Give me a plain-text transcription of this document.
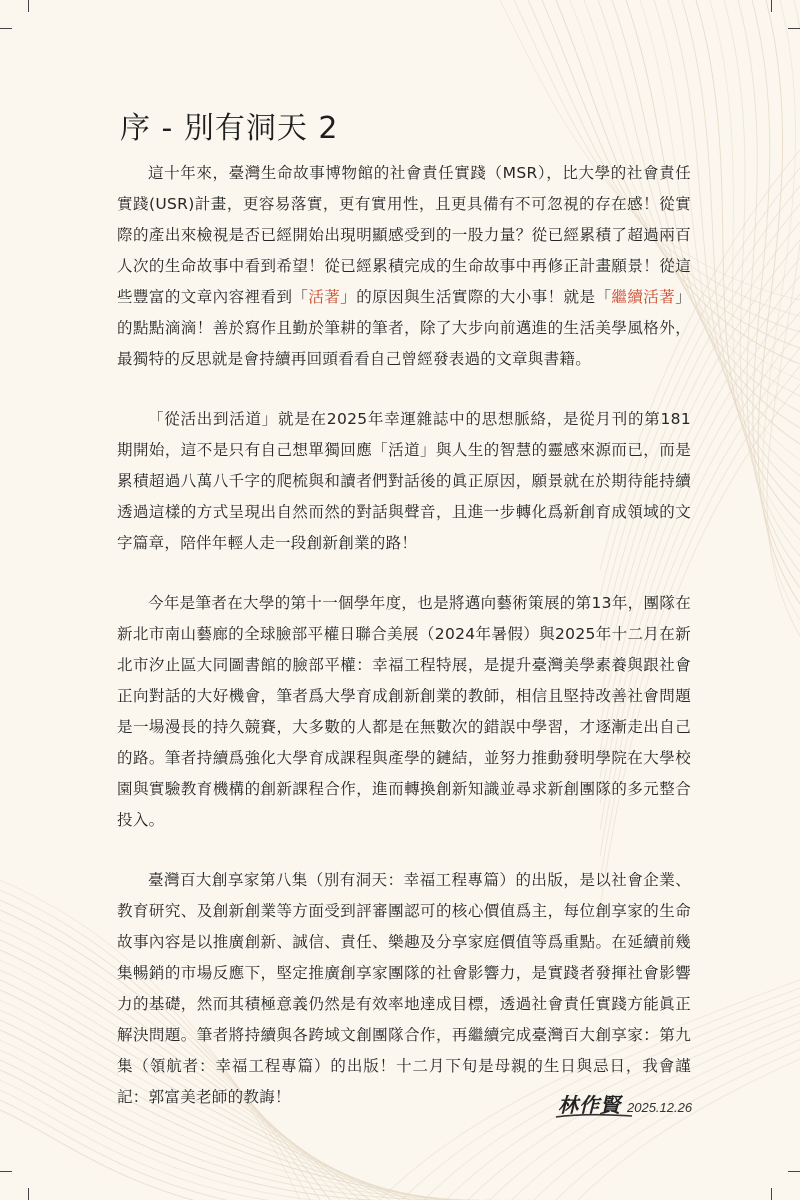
序 - 別有洞天 2

這十年來，臺灣生命故事博物館的社會責任實踐（MSR），比大學的社會責任實踐(USR)計畫，更容易落實，更有實用性，且更具備有不可忽視的存在感！從實際的產出來檢視是否已經開始出現明顯感受到的一股力量？從已經累積了超過兩百人次的生命故事中看到希望！從已經累積完成的生命故事中再修正計畫願景！從這些豐富的文章內容裡看到「活著」的原因與生活實際的大小事！就是「繼續活著」的點點滴滴！善於寫作且勤於筆耕的筆者，除了大步向前邁進的生活美學風格外，最獨特的反思就是會持續再回頭看看自己曾經發表過的文章與書籍。

「從活出到活道」就是在2025年幸運雜誌中的思想脈絡，是從月刊的第181期開始，這不是只有自己想單獨回應「活道」與人生的智慧的靈感來源而已，而是累積超過八萬八千字的爬梳與和讀者們對話後的眞正原因，願景就在於期待能持續透過這樣的方式呈現出自然而然的對話與聲音，且進一步轉化爲新創育成領域的文字篇章，陪伴年輕人走一段創新創業的路！

今年是筆者在大學的第十一個學年度，也是將邁向藝術策展的第13年，團隊在新北市南山藝廊的全球臉部平權日聯合美展（2024年暑假）與2025年十二月在新北市汐止區大同圖書館的臉部平權：幸福工程特展，是提升臺灣美學素養與跟社會正向對話的大好機會，筆者爲大學育成創新創業的教師，相信且堅持改善社會問題是一場漫長的持久競賽，大多數的人都是在無數次的錯誤中學習，才逐漸走出自己的路。筆者持續爲強化大學育成課程與產學的鏈結，並努力推動發明學院在大學校園與實驗教育機構的創新課程合作，進而轉換創新知識並尋求新創團隊的多元整合投入。

臺灣百大創享家第八集（別有洞天：幸福工程專篇）的出版，是以社會企業、教育研究、及創新創業等方面受到評審團認可的核心價值爲主，每位創享家的生命故事內容是以推廣創新、誠信、責任、樂趣及分享家庭價值等爲重點。在延續前幾集暢銷的市場反應下，堅定推廣創享家團隊的社會影響力，是實踐者發揮社會影響力的基礎，然而其積極意義仍然是有效率地達成目標，透過社會責任實踐方能眞正解決問題。筆者將持續與各跨域文創團隊合作，再繼續完成臺灣百大創享家：第九集（領航者：幸福工程專篇）的出版！十二月下旬是母親的生日與忌日，我會謹記：郭富美老師的教誨！	林作賢 2025.12.26
